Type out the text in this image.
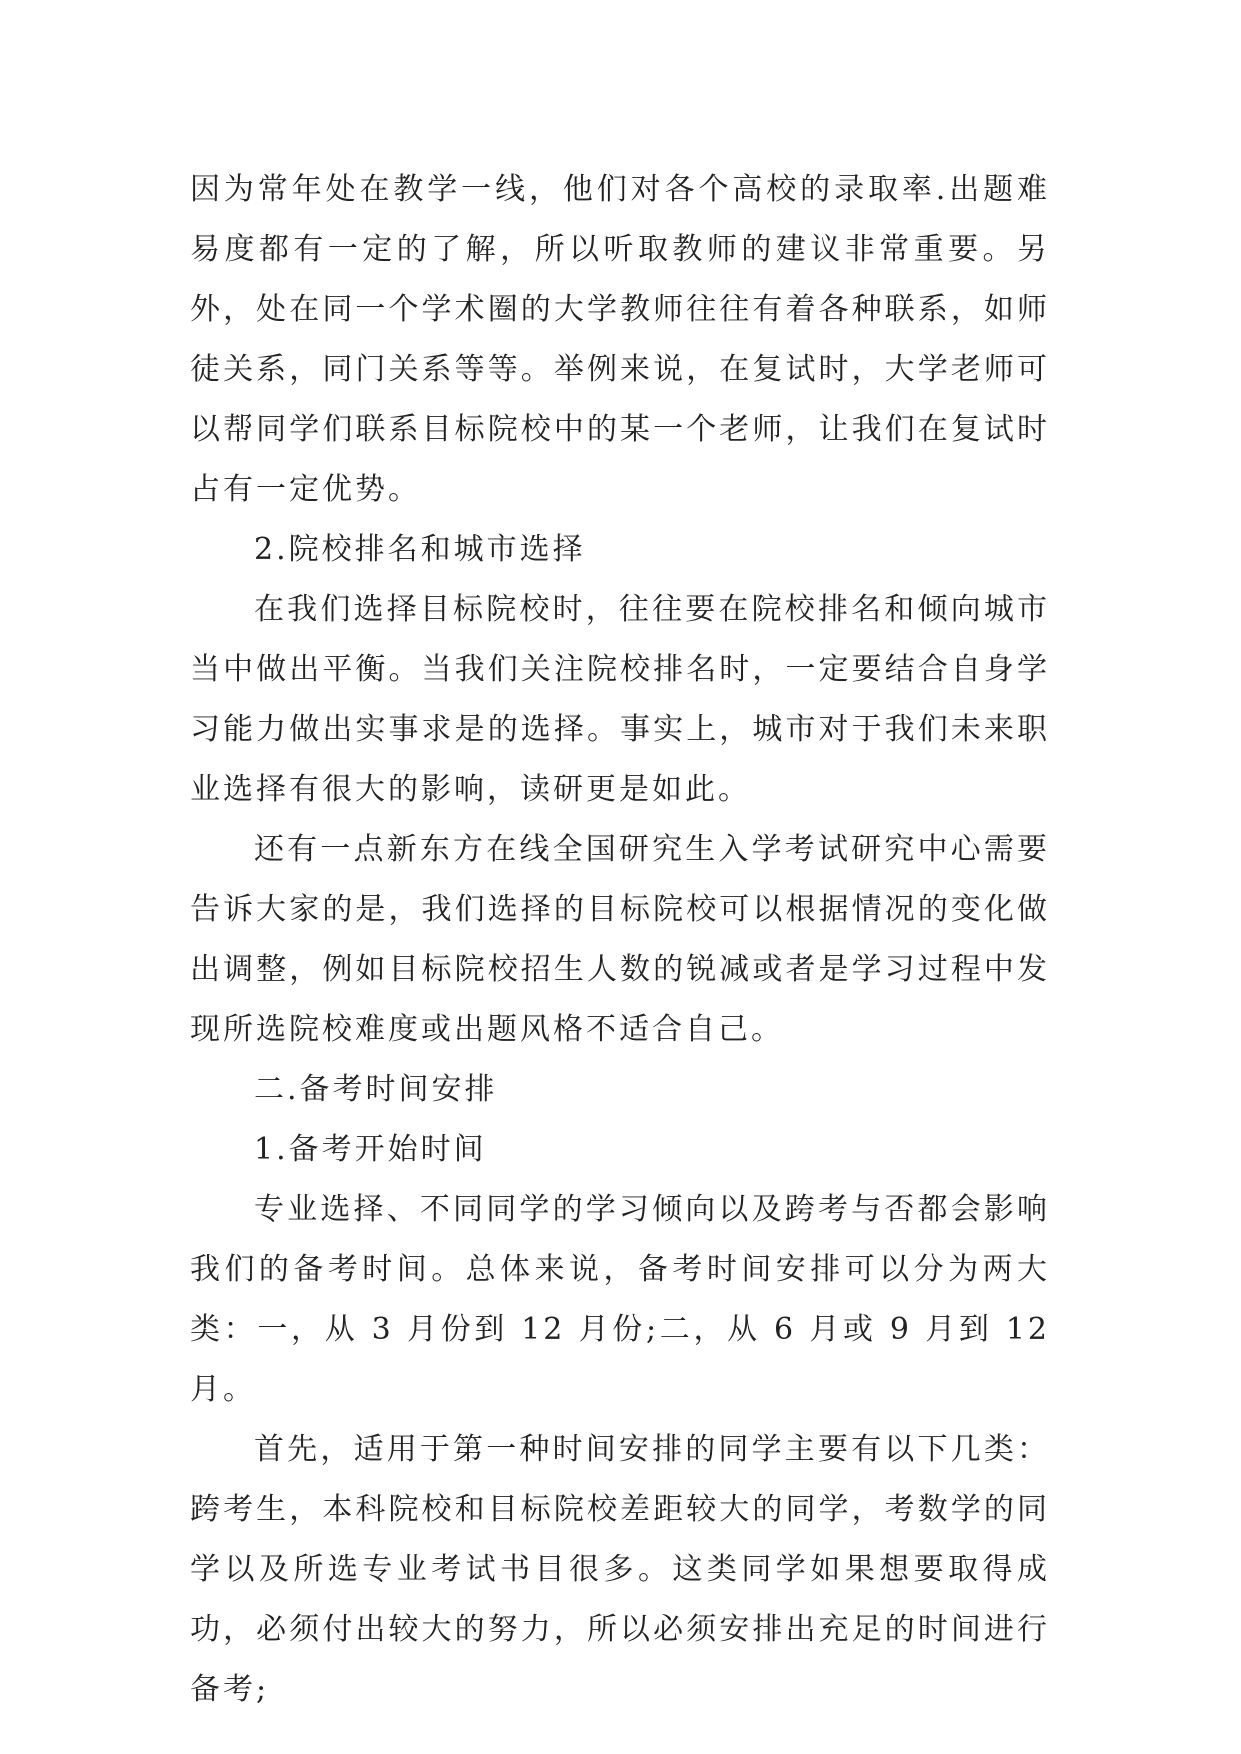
因为常年处在教学一线，他们对各个高校的录取率.出题难易度都有一定的了解，所以听取教师的建议非常重要。另外，处在同一个学术圈的大学教师往往有着各种联系，如师徒关系，同门关系等等。举例来说，在复试时，大学老师可以帮同学们联系目标院校中的某一个老师，让我们在复试时占有一定优势。

2.院校排名和城市选择

在我们选择目标院校时，往往要在院校排名和倾向城市当中做出平衡。当我们关注院校排名时，一定要结合自身学习能力做出实事求是的选择。事实上，城市对于我们未来职业选择有很大的影响，读研更是如此。

还有一点新东方在线全国研究生入学考试研究中心需要告诉大家的是，我们选择的目标院校可以根据情况的变化做出调整，例如目标院校招生人数的锐减或者是学习过程中发现所选院校难度或出题风格不适合自己。

二.备考时间安排

1.备考开始时间

专业选择、不同同学的学习倾向以及跨考与否都会影响我们的备考时间。总体来说，备考时间安排可以分为两大类：一，从 3 月份到 12 月份;二，从 6 月或 9 月到 12 月。

首先，适用于第一种时间安排的同学主要有以下几类：跨考生，本科院校和目标院校差距较大的同学，考数学的同学以及所选专业考试书目很多。这类同学如果想要取得成功，必须付出较大的努力，所以必须安排出充足的时间进行备考;
